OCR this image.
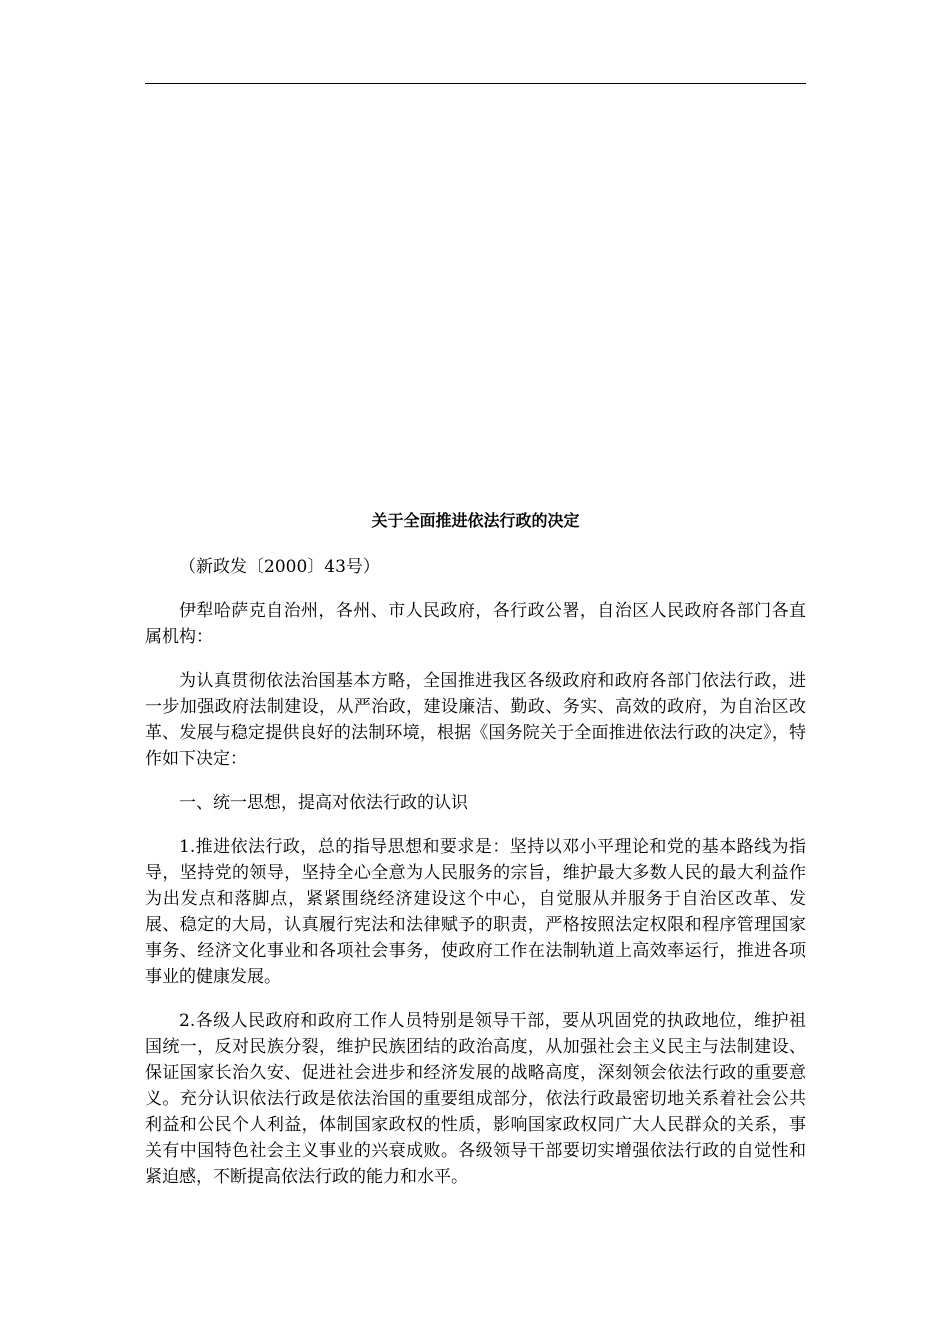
关于全面推进依法行政的决定

（新政发〔2000〕43号）

伊犁哈萨克自治州，各州、市人民政府，各行政公署，自治区人民政府各部门各直属机构：

为认真贯彻依法治国基本方略，全国推进我区各级政府和政府各部门依法行政，进一步加强政府法制建设，从严治政，建设廉洁、勤政、务实、高效的政府，为自治区改革、发展与稳定提供良好的法制环境，根据《国务院关于全面推进依法行政的决定》，特作如下决定：

一、统一思想，提高对依法行政的认识

1.推进依法行政，总的指导思想和要求是：坚持以邓小平理论和党的基本路线为指导，坚持党的领导，坚持全心全意为人民服务的宗旨，维护最大多数人民的最大利益作为出发点和落脚点，紧紧围绕经济建设这个中心，自觉服从并服务于自治区改革、发展、稳定的大局，认真履行宪法和法律赋予的职责，严格按照法定权限和程序管理国家事务、经济文化事业和各项社会事务，使政府工作在法制轨道上高效率运行，推进各项事业的健康发展。

2.各级人民政府和政府工作人员特别是领导干部，要从巩固党的执政地位，维护祖国统一，反对民族分裂，维护民族团结的政治高度，从加强社会主义民主与法制建设、保证国家长治久安、促进社会进步和经济发展的战略高度，深刻领会依法行政的重要意义。充分认识依法行政是依法治国的重要组成部分，依法行政最密切地关系着社会公共利益和公民个人利益，体制国家政权的性质，影响国家政权同广大人民群众的关系，事关有中国特色社会主义事业的兴衰成败。各级领导干部要切实增强依法行政的自觉性和紧迫感，不断提高依法行政的能力和水平。
